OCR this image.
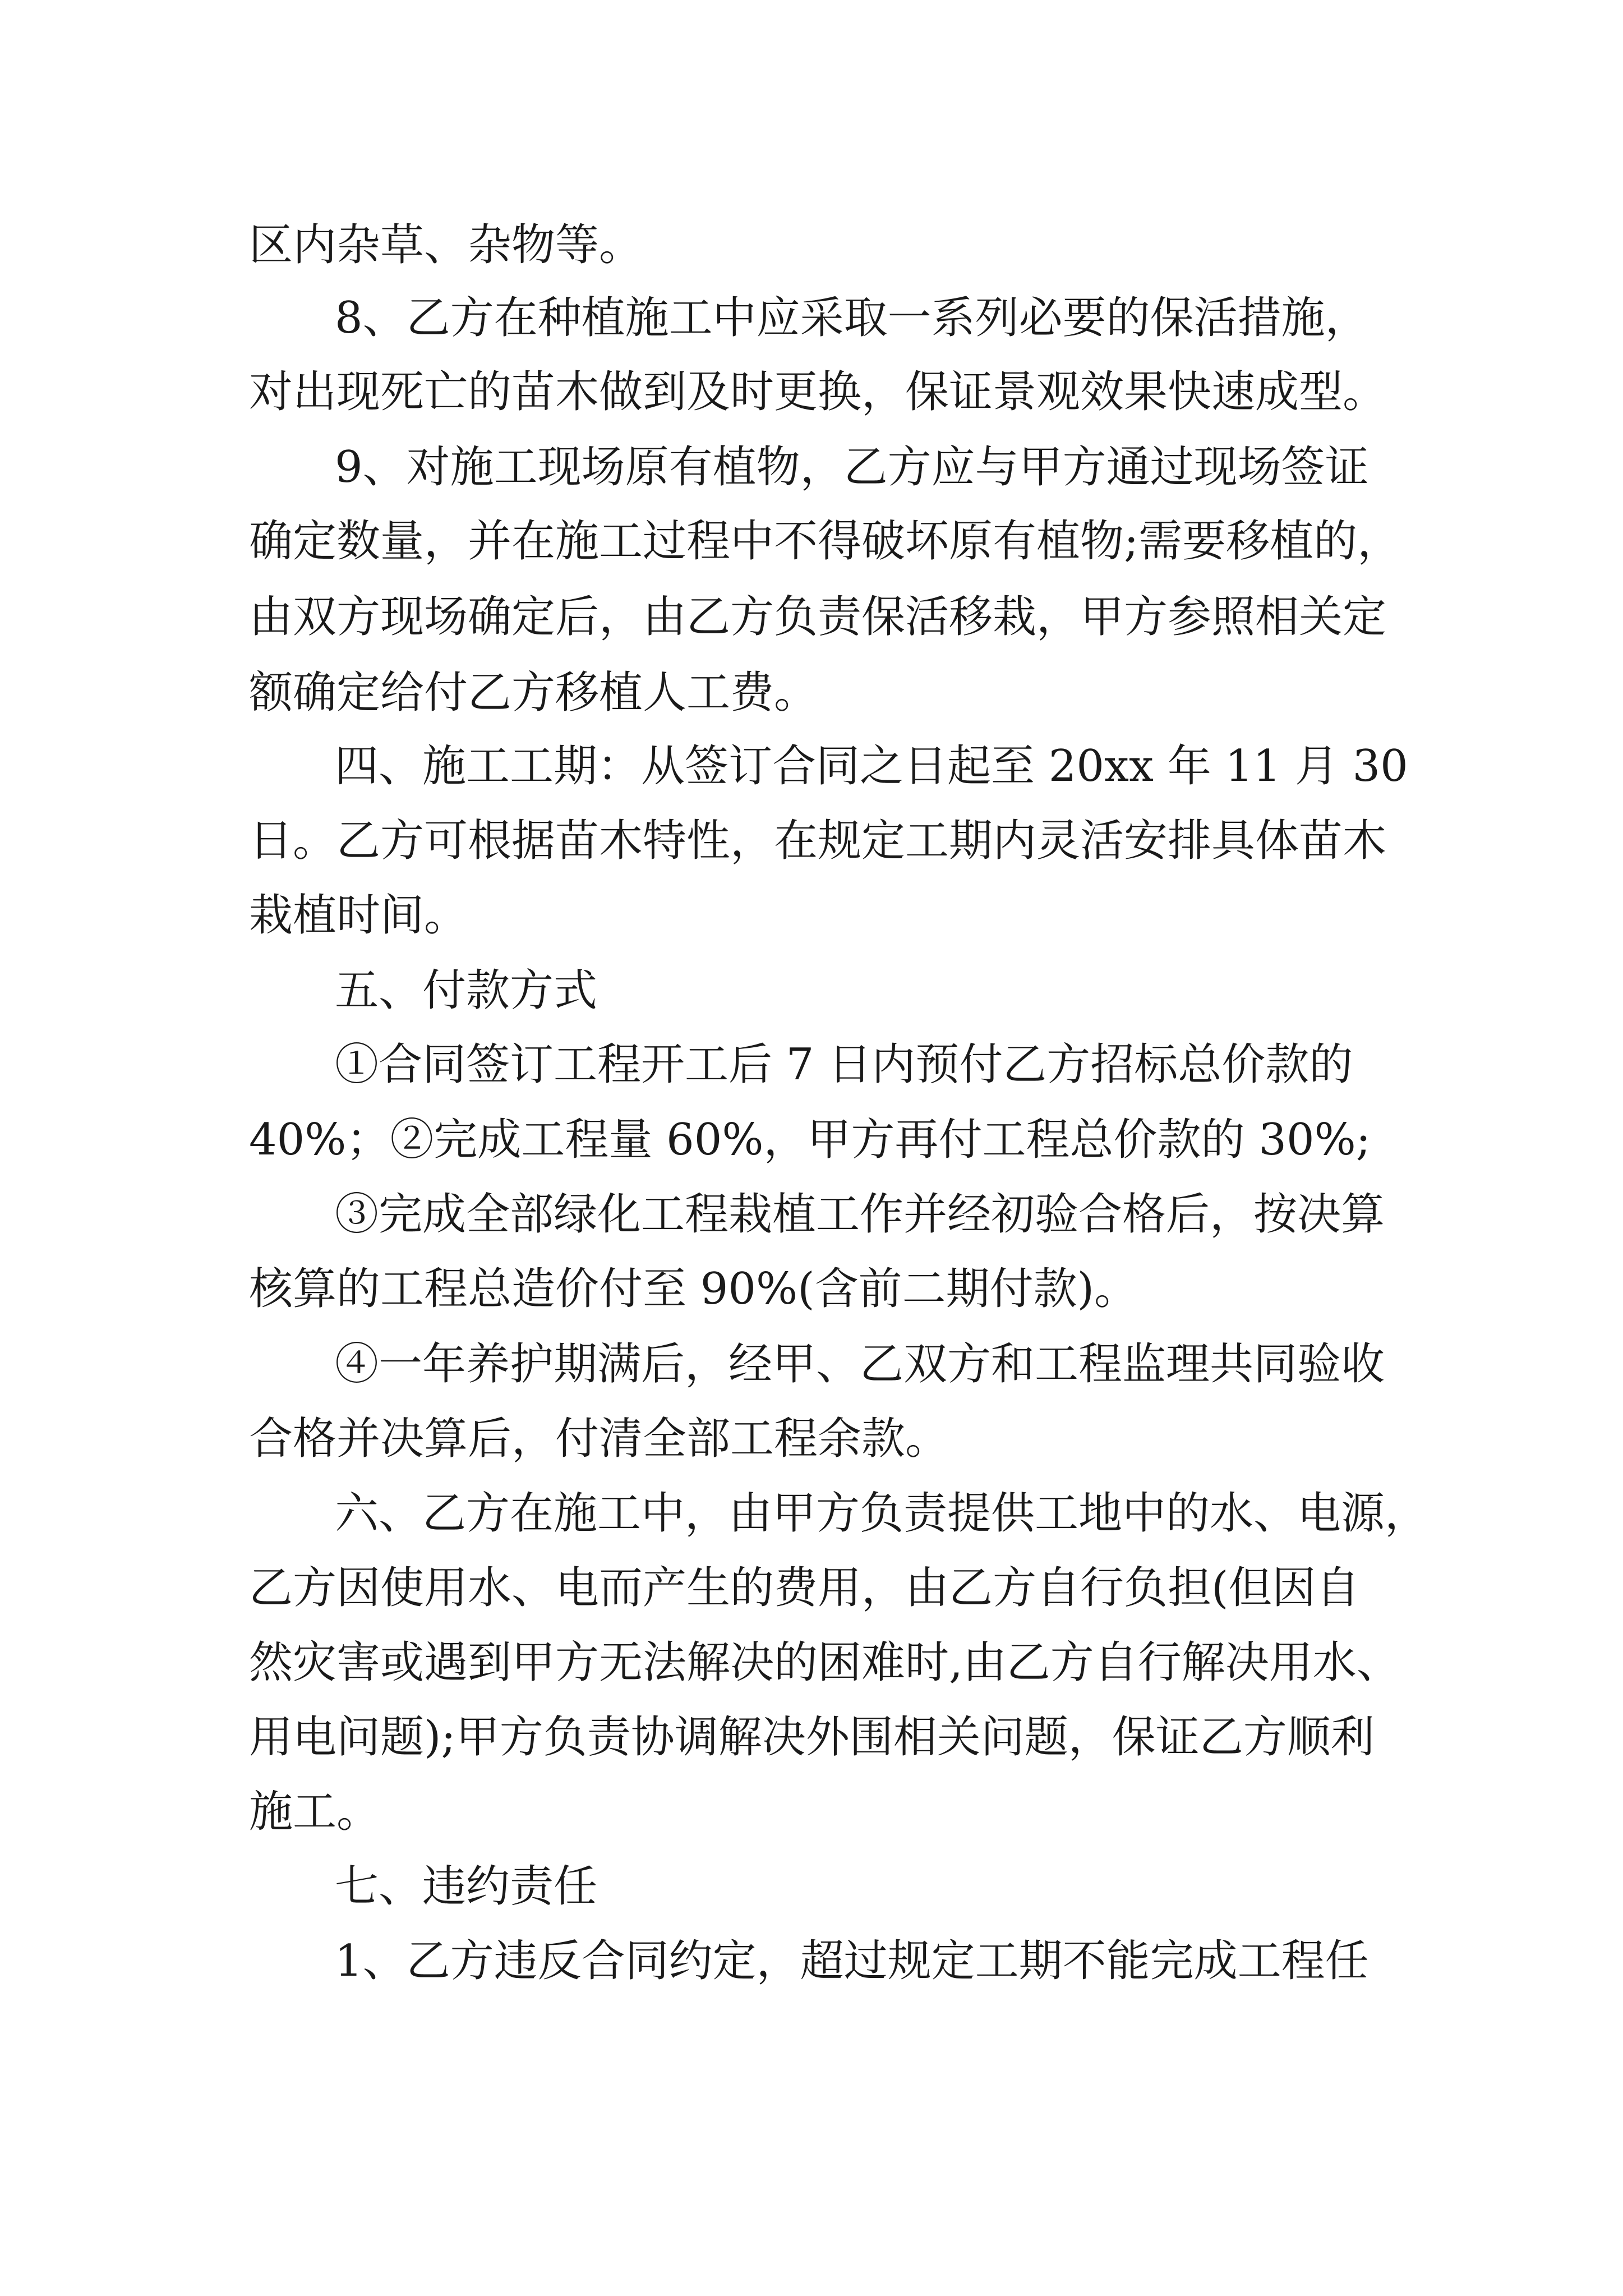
区内杂草、杂物等。

8、乙方在种植施工中应采取一系列必要的保活措施，

对出现死亡的苗木做到及时更换，保证景观效果快速成型。

9、对施工现场原有植物，乙方应与甲方通过现场签证

确定数量，并在施工过程中不得破坏原有植物;需要移植的，

由双方现场确定后，由乙方负责保活移栽，甲方参照相关定

额确定给付乙方移植人工费。

四、施工工期：从签订合同之日起至 20xx 年 11 月 30

日。乙方可根据苗木特性，在规定工期内灵活安排具体苗木

栽植时间。

五、付款方式

①合同签订工程开工后 7 日内预付乙方招标总价款的

40%；②完成工程量 60%，甲方再付工程总价款的 30%;

③完成全部绿化工程栽植工作并经初验合格后，按决算

核算的工程总造价付至 90%(含前二期付款)。

④一年养护期满后，经甲、乙双方和工程监理共同验收

合格并决算后，付清全部工程余款。

六、乙方在施工中，由甲方负责提供工地中的水、电源，

乙方因使用水、电而产生的费用，由乙方自行负担(但因自

然灾害或遇到甲方无法解决的困难时,由乙方自行解决用水、

用电问题);甲方负责协调解决外围相关问题，保证乙方顺利

施工。

七、违约责任

1、乙方违反合同约定，超过规定工期不能完成工程任
